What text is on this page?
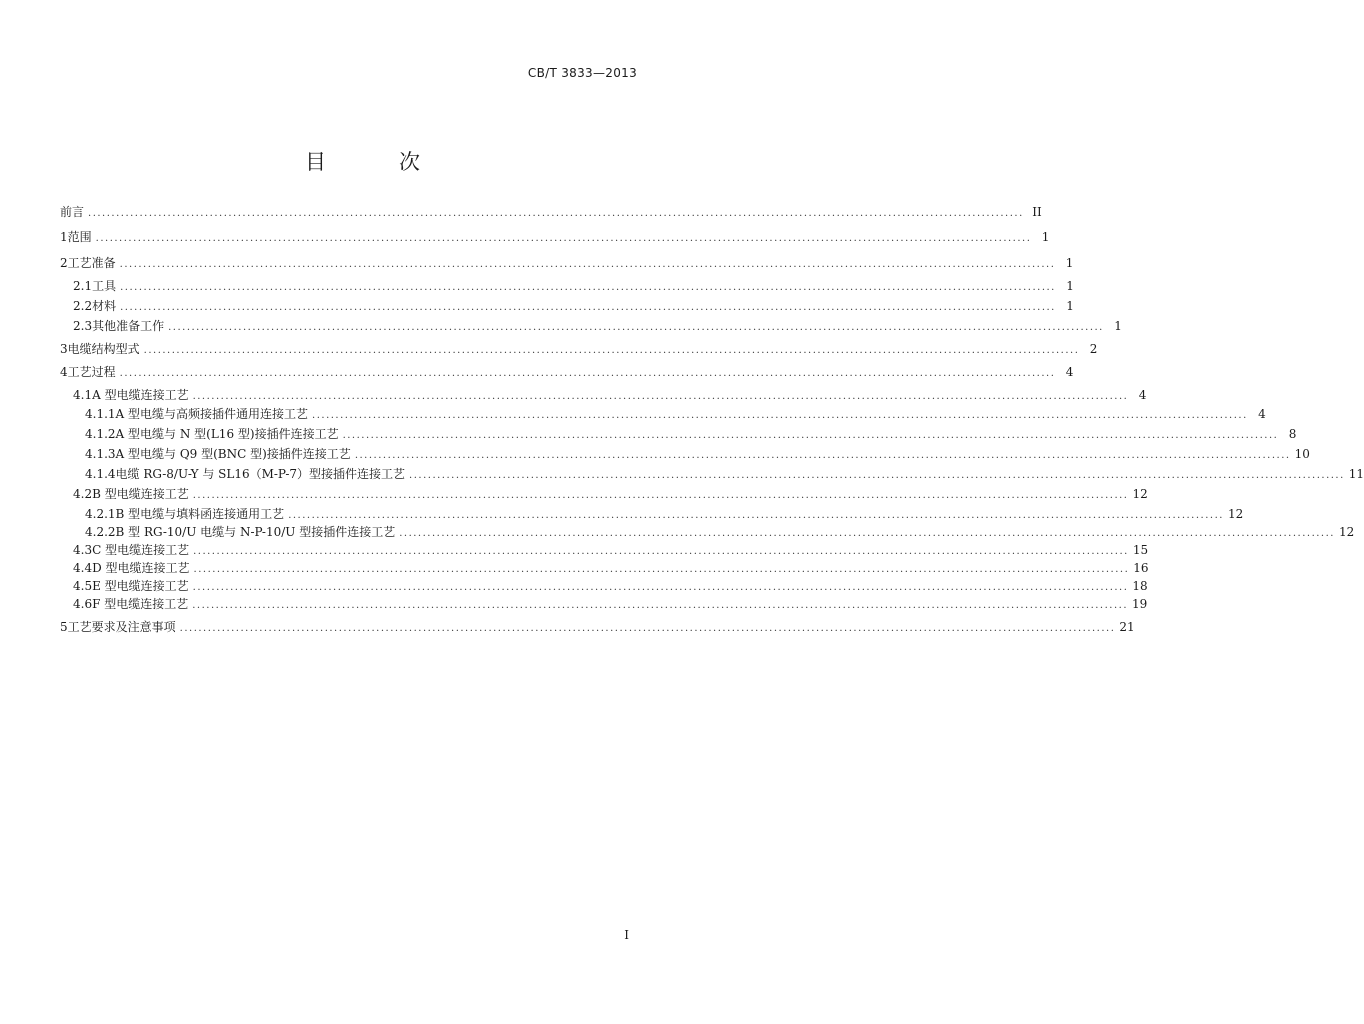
CB/T 3833—2013
目　次
前言 ........................................................................................................................................................................................................ II
1 范围 ........................................................................................................................................................................................................ 1
2 工艺准备 ........................................................................................................................................................................................................ 1
2.1 工具 ........................................................................................................................................................................................................ 1
2.2 材料 ........................................................................................................................................................................................................ 1
2.3 其他准备工作 ........................................................................................................................................................................................................ 1
3 电缆结构型式 ........................................................................................................................................................................................................ 2
4 工艺过程 ........................................................................................................................................................................................................ 4
4.1 A 型电缆连接工艺 ........................................................................................................................................................................................................ 4
4.1.1 A 型电缆与高频接插件通用连接工艺 ........................................................................................................................................................................................................ 4
4.1.2 A 型电缆与 N 型(L16 型)接插件连接工艺 ........................................................................................................................................................................................................ 8
4.1.3 A 型电缆与 Q9 型(BNC 型)接插件连接工艺 ........................................................................................................................................................................................................ 10
4.1.4 电缆 RG-8/U-Y 与 SL16（M-P-7）型接插件连接工艺 ........................................................................................................................................................................................................ 11
4.2 B 型电缆连接工艺 ........................................................................................................................................................................................................ 12
4.2.1 B 型电缆与填料函连接通用工艺 ........................................................................................................................................................................................................ 12
4.2.2 B 型 RG-10/U 电缆与 N-P-10/U 型接插件连接工艺 ........................................................................................................................................................................................................ 12
4.3 C 型电缆连接工艺 ........................................................................................................................................................................................................ 15
4.4 D 型电缆连接工艺 ........................................................................................................................................................................................................ 16
4.5 E 型电缆连接工艺 ........................................................................................................................................................................................................ 18
4.6 F 型电缆连接工艺 ........................................................................................................................................................................................................ 19
5 工艺要求及注意事项 ........................................................................................................................................................................................................ 21
I
